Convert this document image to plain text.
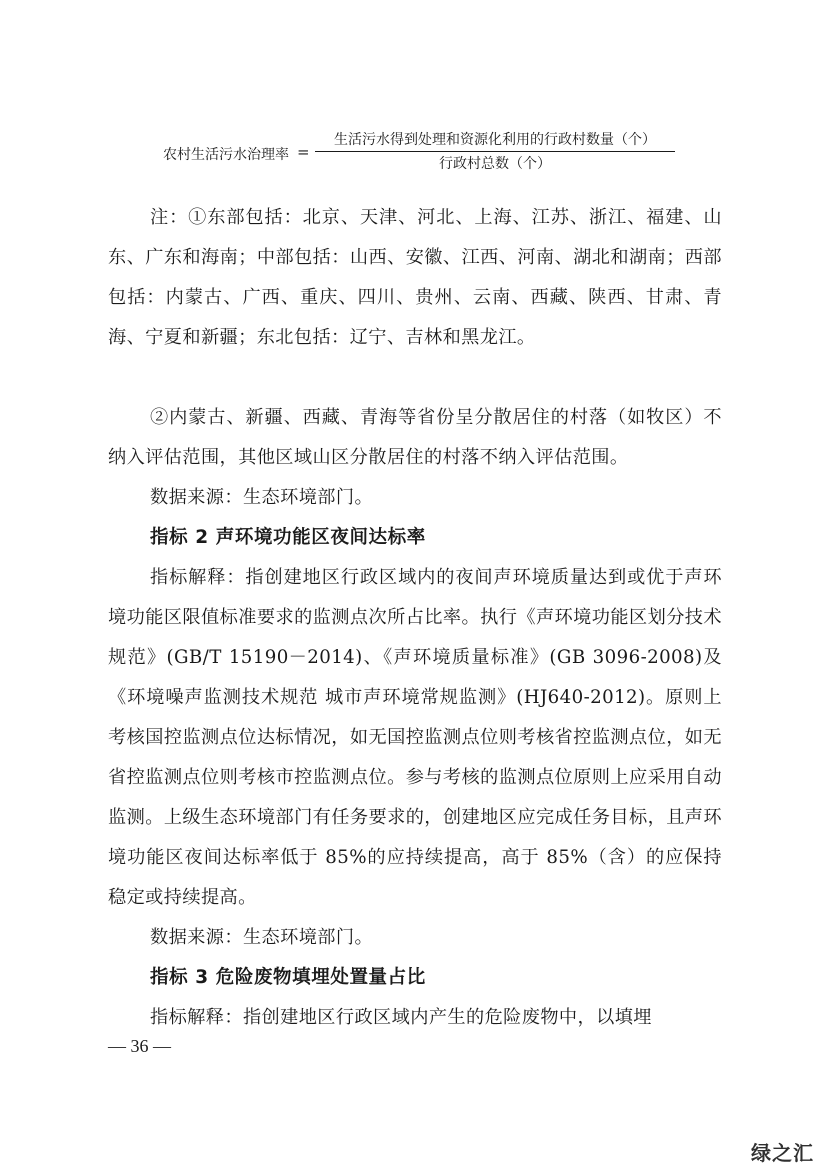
农村生活污水治理率 =
生活污水得到处理和资源化利用的行政村数量（个）
行政村总数（个）

注：①东部包括：北京、天津、河北、上海、江苏、浙江、福建、山东、广东和海南；中部包括：山西、安徽、江西、河南、湖北和湖南；西部包括：内蒙古、广西、重庆、四川、贵州、云南、西藏、陕西、甘肃、青海、宁夏和新疆；东北包括：辽宁、吉林和黑龙江。

②内蒙古、新疆、西藏、青海等省份呈分散居住的村落（如牧区）不纳入评估范围，其他区域山区分散居住的村落不纳入评估范围。

数据来源：生态环境部门。

指标 2 声环境功能区夜间达标率

指标解释：指创建地区行政区域内的夜间声环境质量达到或优于声环境功能区限值标准要求的监测点次所占比率。执行《声环境功能区划分技术规范》(GB/T 15190－2014)、《声环境质量标准》(GB 3096-2008)及《环境噪声监测技术规范 城市声环境常规监测》(HJ640-2012)。原则上考核国控监测点位达标情况，如无国控监测点位则考核省控监测点位，如无省控监测点位则考核市控监测点位。参与考核的监测点位原则上应采用自动监测。上级生态环境部门有任务要求的，创建地区应完成任务目标，且声环境功能区夜间达标率低于 85%的应持续提高，高于 85%（含）的应保持稳定或持续提高。

数据来源：生态环境部门。

指标 3 危险废物填埋处置量占比

指标解释：指创建地区行政区域内产生的危险废物中，以填埋

— 36 —
绿之汇
